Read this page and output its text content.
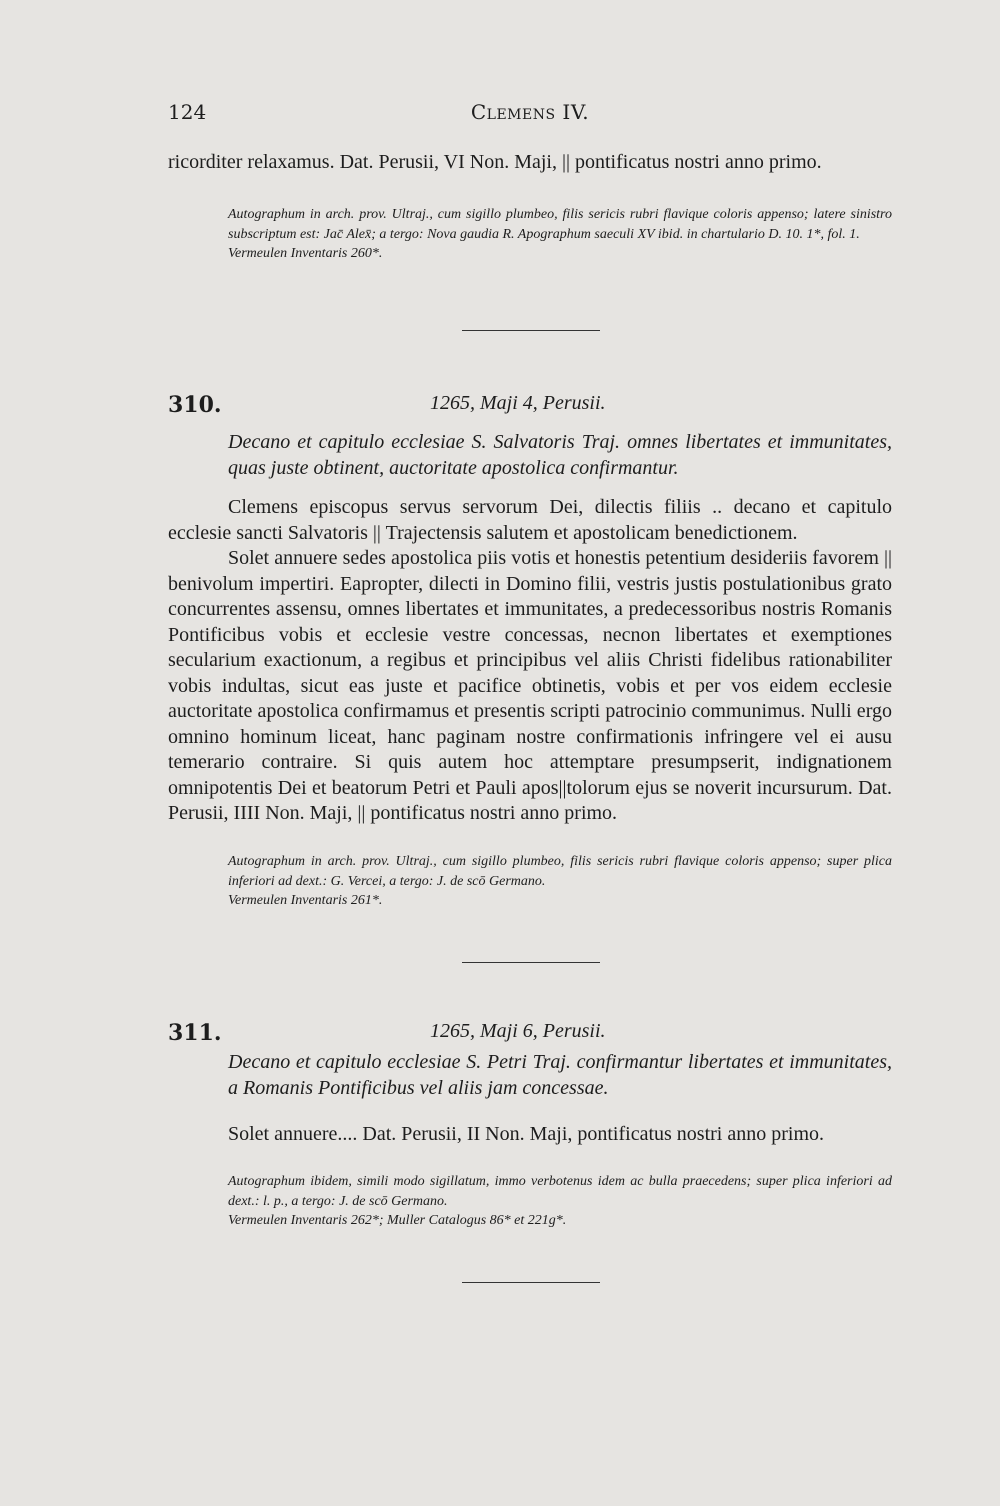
124	Clemens IV.

ricorditer relaxamus. Dat. Perusii, VI Non. Maji, || pontificatus nostri anno primo.

Autographum in arch. prov. Ultraj., cum sigillo plumbeo, filis sericis rubri flavique coloris appenso; latere sinistro subscriptum est: Jac̄ Alex̄; a tergo: Nova gaudia R. Apographum saeculi XV ibid. in chartulario D. 10. 1*, fol. 1.

Vermeulen Inventaris 260*.

310.	1265, Maji 4, Perusii.

Decano et capitulo ecclesiae S. Salvatoris Traj. omnes libertates et immunitates, quas juste obtinent, auctoritate apostolica confirmantur.

Clemens episcopus servus servorum Dei, dilectis filiis .. decano et capitulo ecclesie sancti Salvatoris || Trajectensis salutem et apostolicam benedictionem.

Solet annuere sedes apostolica piis votis et honestis petentium desideriis favorem || benivolum impertiri. Eapropter, dilecti in Domino filii, vestris justis postulationibus grato concurrentes assensu, omnes libertates et immunitates, a predecessoribus nostris Romanis Pontificibus vobis et ecclesie vestre concessas, necnon libertates et exemptiones secularium exactionum, a regibus et principibus vel aliis Christi fidelibus rationabiliter vobis indultas, sicut eas juste et pacifice obtinetis, vobis et per vos eidem ecclesie auctoritate apostolica confirmamus et presentis scripti patrocinio communimus. Nulli ergo omnino hominum liceat, hanc paginam nostre confirmationis infringere vel ei ausu temerario contraire. Si quis autem hoc attemptare presumpserit, indignationem omnipotentis Dei et beatorum Petri et Pauli apos||tolorum ejus se noverit incursurum. Dat. Perusii, IIII Non. Maji, || pontificatus nostri anno primo.

Autographum in arch. prov. Ultraj., cum sigillo plumbeo, filis sericis rubri flavique coloris appenso; super plica inferiori ad dext.: G. Vercei, a tergo: J. de scō Germano.

Vermeulen Inventaris 261*.

311.	1265, Maji 6, Perusii.

Decano et capitulo ecclesiae S. Petri Traj. confirmantur libertates et immunitates, a Romanis Pontificibus vel aliis jam concessae.

Solet annuere.... Dat. Perusii, II Non. Maji, pontificatus nostri anno primo.

Autographum ibidem, simili modo sigillatum, immo verbotenus idem ac bulla praecedens; super plica inferiori ad dext.: l. p., a tergo: J. de scō Germano.

Vermeulen Inventaris 262*; Muller Catalogus 86* et 221g*.
